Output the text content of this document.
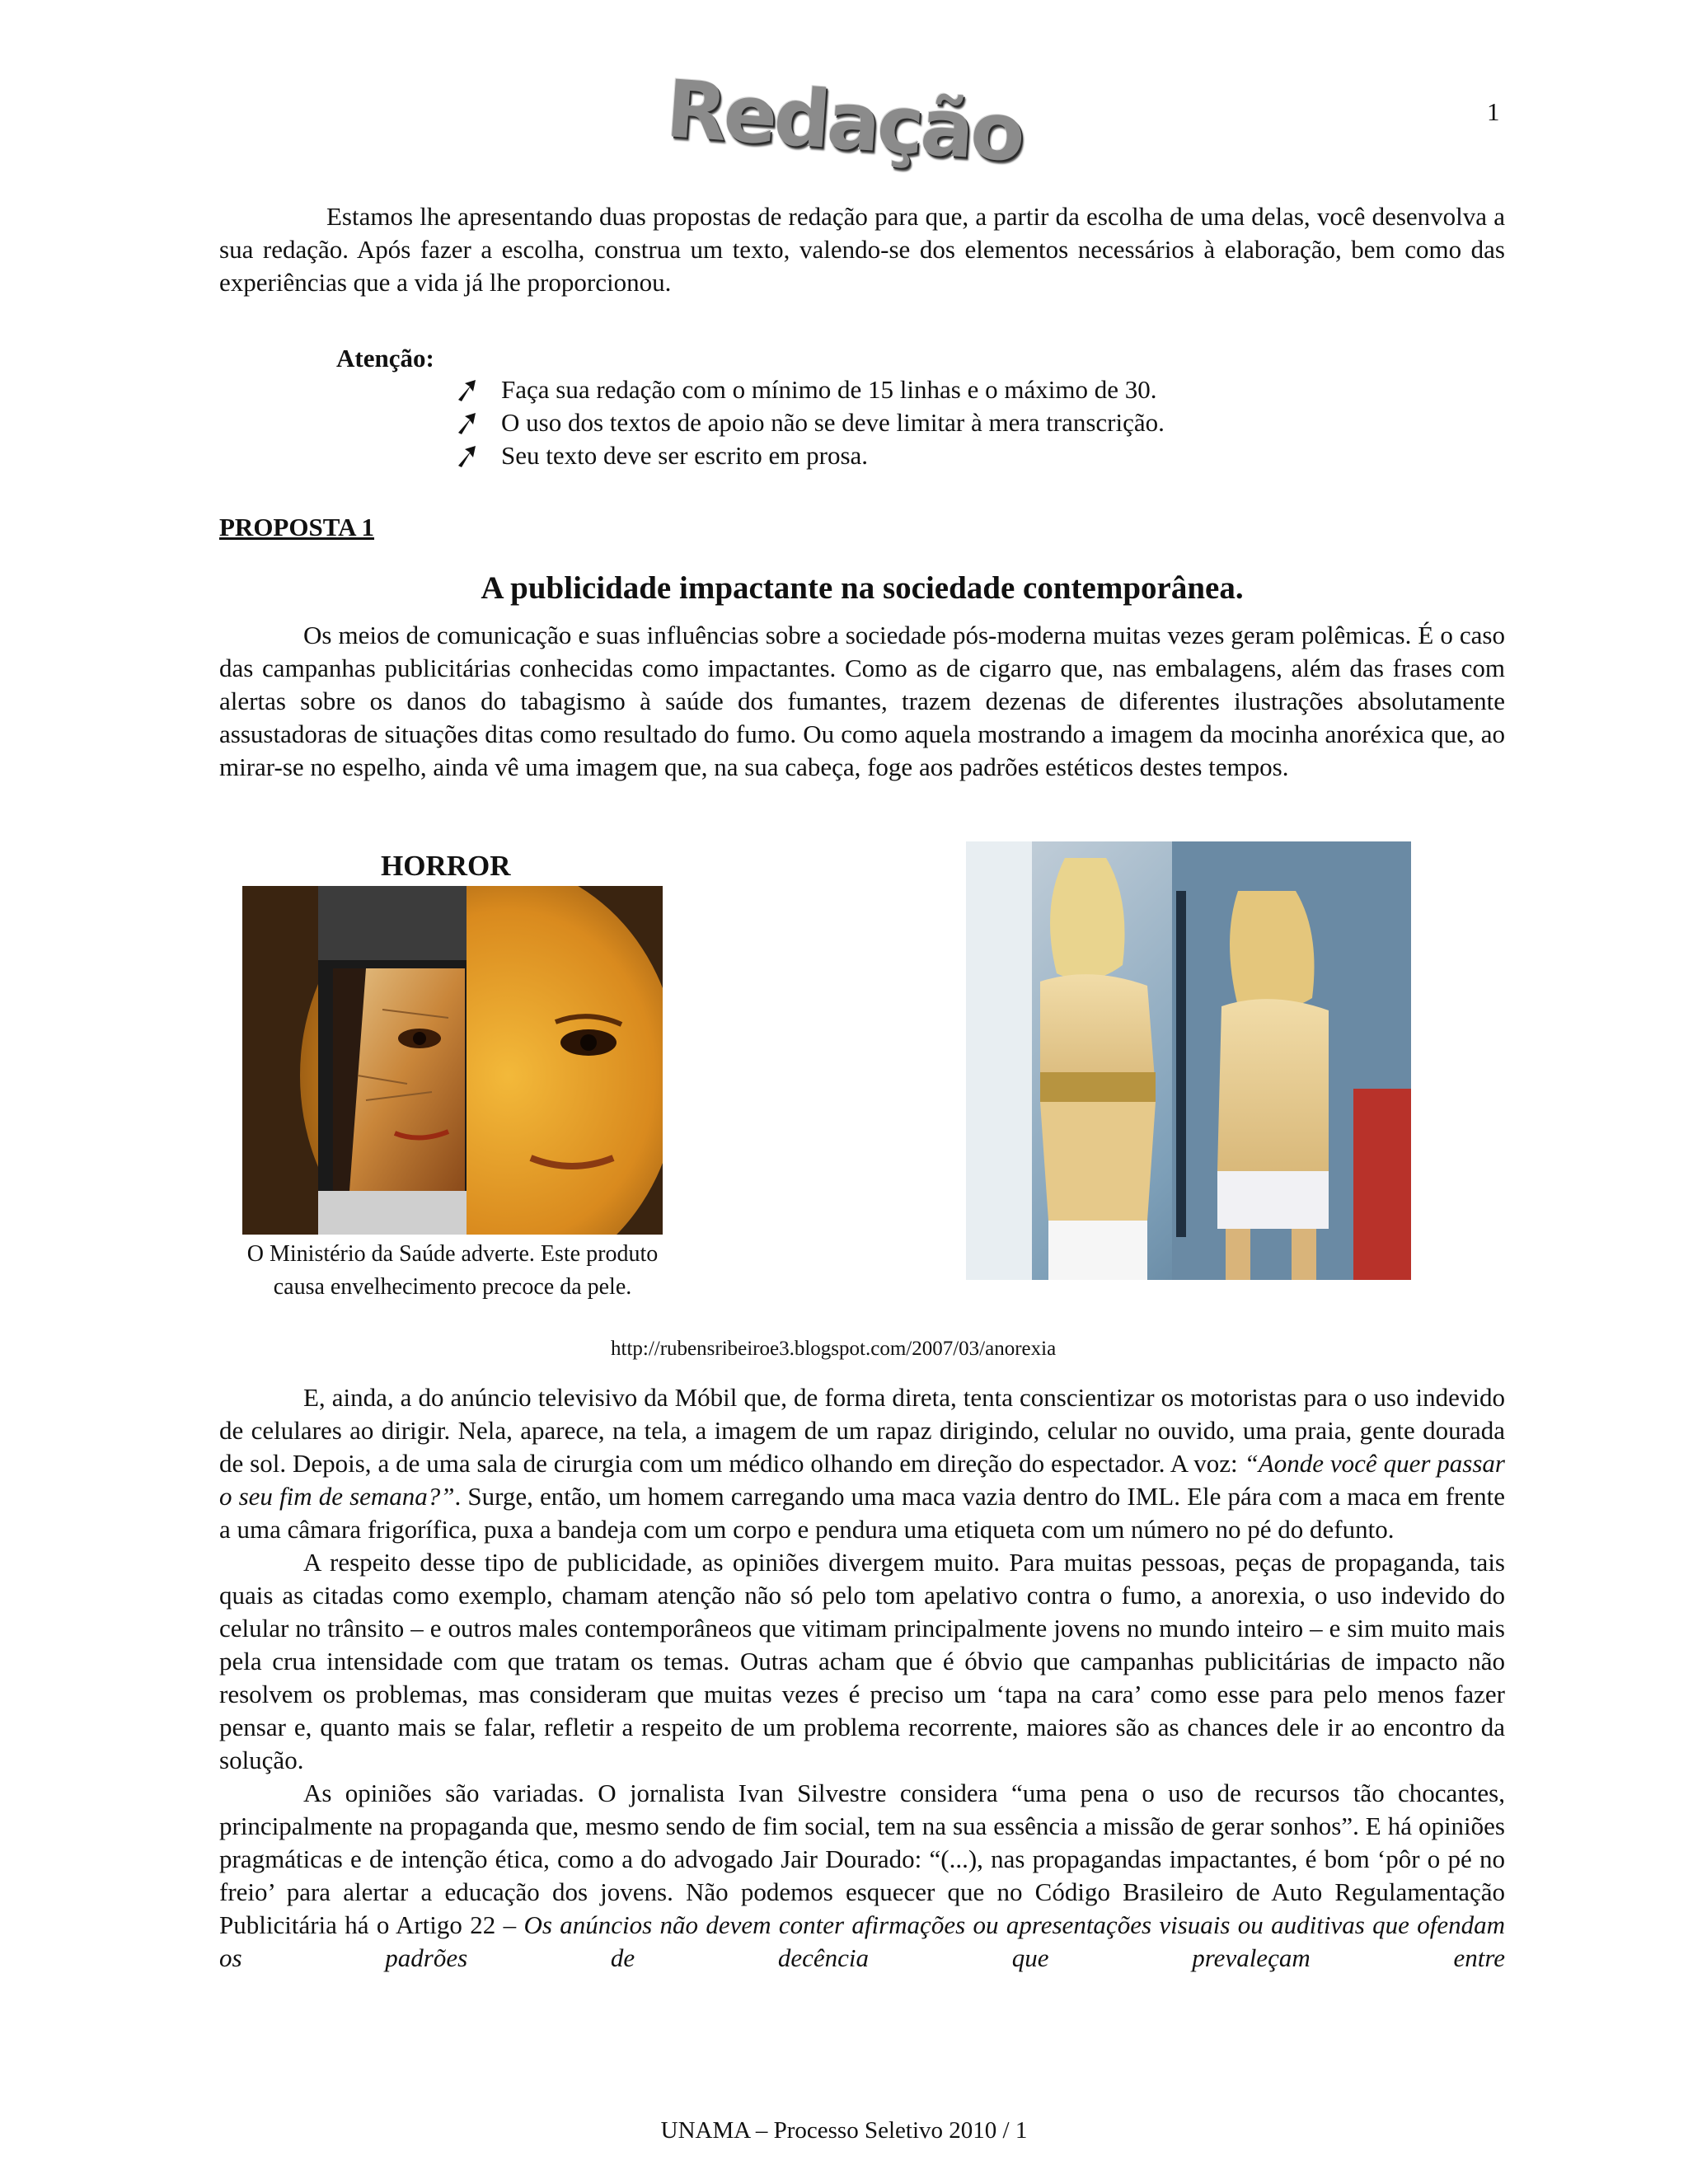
1
Redação

Estamos lhe apresentando duas propostas de redação para que, a partir da escolha de uma delas, você desenvolva a sua redação. Após fazer a escolha, construa um texto, valendo-se dos elementos necessários à elaboração, bem como das experiências que a vida já lhe proporcionou.

Atenção:
Faça sua redação com o mínimo de 15 linhas e o máximo de 30.
O uso dos textos de apoio não se deve limitar à mera transcrição.
Seu texto deve ser escrito em prosa.
PROPOSTA 1
A publicidade impactante na sociedade contemporânea.

Os meios de comunicação e suas influências sobre a sociedade pós-moderna muitas vezes geram polêmicas. É o caso das campanhas publicitárias conhecidas como impactantes. Como as de cigarro que, nas embalagens, além das frases com alertas sobre os danos do tabagismo à saúde dos fumantes, trazem dezenas de diferentes ilustrações absolutamente assustadoras de situações ditas como resultado do fumo. Ou como aquela mostrando a imagem da mocinha anoréxica que, ao mirar-se no espelho, ainda vê uma imagem que, na sua cabeça, foge aos padrões estéticos destes tempos.

HORROR
O Ministério da Saúde adverte. Este produto causa envelhecimento precoce da pele.
http://rubensribeiroe3.blogspot.com/2007/03/anorexia

E, ainda, a do anúncio televisivo da Móbil que, de forma direta, tenta conscientizar os motoristas para o uso indevido de celulares ao dirigir. Nela, aparece, na tela, a imagem de um rapaz dirigindo, celular no ouvido, uma praia, gente dourada de sol. Depois, a de uma sala de cirurgia com um médico olhando em direção do espectador. A voz: “Aonde você quer passar o seu fim de semana?”. Surge, então, um homem carregando uma maca vazia dentro do IML. Ele pára com a maca em frente a uma câmara frigorífica, puxa a bandeja com um corpo e pendura uma etiqueta com um número no pé do defunto.

A respeito desse tipo de publicidade, as opiniões divergem muito. Para muitas pessoas, peças de propaganda, tais quais as citadas como exemplo, chamam atenção não só pelo tom apelativo contra o fumo, a anorexia, o uso indevido do celular no trânsito – e outros males contemporâneos que vitimam principalmente jovens no mundo inteiro – e sim muito mais pela crua intensidade com que tratam os temas. Outras acham que é óbvio que campanhas publicitárias de impacto não resolvem os problemas, mas consideram que muitas vezes é preciso um ‘tapa na cara’ como esse para pelo menos fazer pensar e, quanto mais se falar, refletir a respeito de um problema recorrente, maiores são as chances dele ir ao encontro da solução.

As opiniões são variadas. O jornalista Ivan Silvestre considera “uma pena o uso de recursos tão chocantes, principalmente na propaganda que, mesmo sendo de fim social, tem na sua essência a missão de gerar sonhos”. E há opiniões pragmáticas e de intenção ética, como a do advogado Jair Dourado: “(...), nas propagandas impactantes, é bom ‘pôr o pé no freio’ para alertar a educação dos jovens. Não podemos esquecer que no Código Brasileiro de Auto Regulamentação Publicitária há o Artigo 22 – Os anúncios não devem conter afirmações ou apresentações visuais ou auditivas que ofendam os padrões de decência que prevaleçam entre

UNAMA – Processo Seletivo 2010 / 1
